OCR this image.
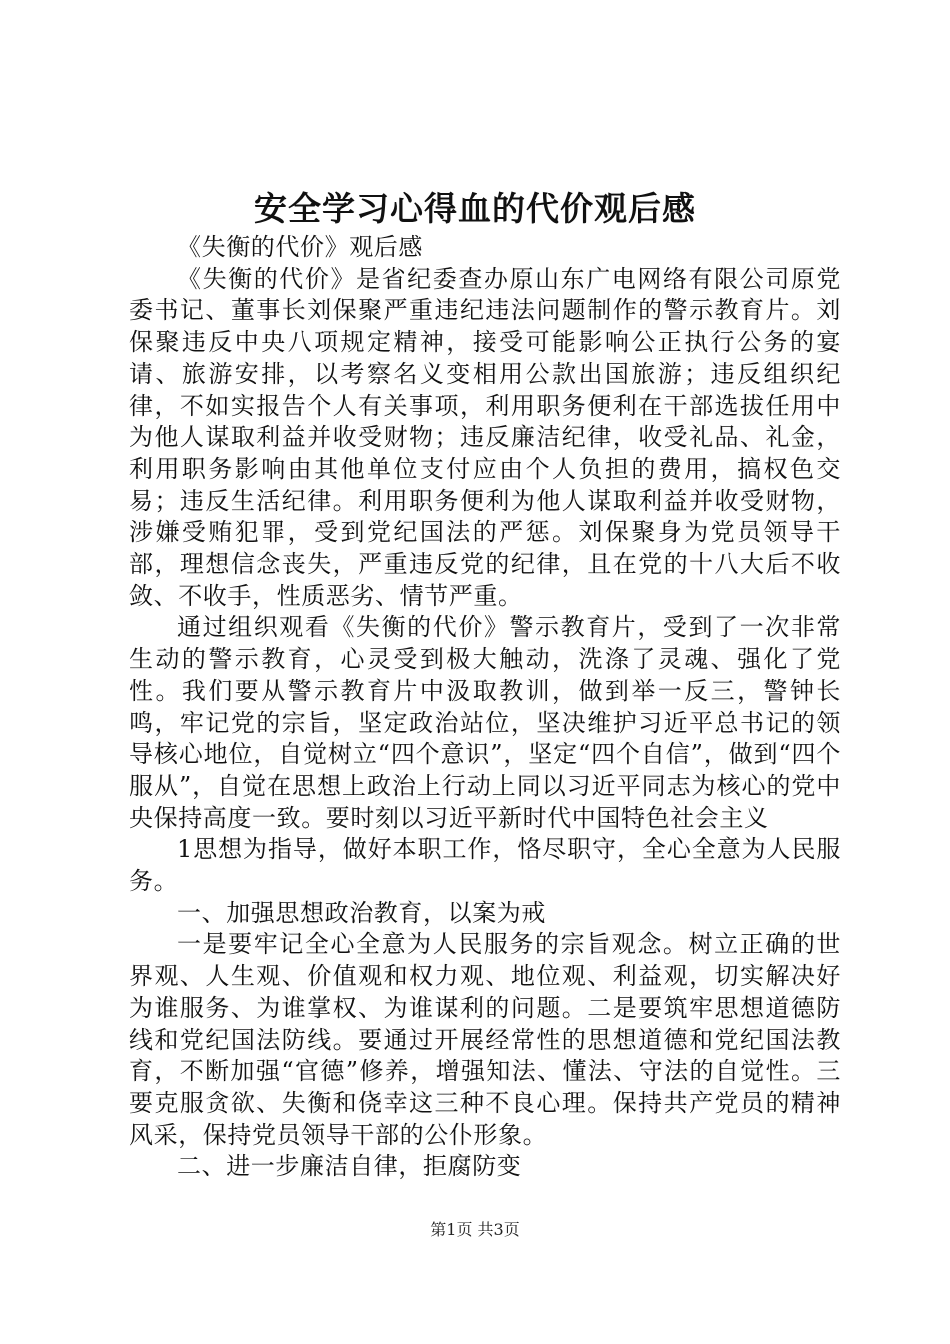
安全学习心得血的代价观后感

《失衡的代价》观后感

《失衡的代价》是省纪委查办原山东广电网络有限公司原党委书记、董事长刘保聚严重违纪违法问题制作的警示教育片。刘保聚违反中央八项规定精神，接受可能影响公正执行公务的宴请、旅游安排，以考察名义变相用公款出国旅游；违反组织纪律，不如实报告个人有关事项，利用职务便利在干部选拔任用中为他人谋取利益并收受财物；违反廉洁纪律，收受礼品、礼金，利用职务影响由其他单位支付应由个人负担的费用，搞权色交易；违反生活纪律。利用职务便利为他人谋取利益并收受财物，涉嫌受贿犯罪，受到党纪国法的严惩。刘保聚身为党员领导干部，理想信念丧失，严重违反党的纪律，且在党的十八大后不收敛、不收手，性质恶劣、情节严重。

通过组织观看《失衡的代价》警示教育片，受到了一次非常生动的警示教育，心灵受到极大触动，洗涤了灵魂、强化了党性。我们要从警示教育片中汲取教训，做到举一反三，警钟长鸣，牢记党的宗旨，坚定政治站位，坚决维护习近平总书记的领导核心地位，自觉树立“四个意识”，坚定“四个自信”，做到“四个服从”，自觉在思想上政治上行动上同以习近平同志为核心的党中央保持高度一致。要时刻以习近平新时代中国特色社会主义

1思想为指导，做好本职工作，恪尽职守，全心全意为人民服务。

一、加强思想政治教育，以案为戒

一是要牢记全心全意为人民服务的宗旨观念。树立正确的世界观、人生观、价值观和权力观、地位观、利益观，切实解决好为谁服务、为谁掌权、为谁谋利的问题。二是要筑牢思想道德防线和党纪国法防线。要通过开展经常性的思想道德和党纪国法教育，不断加强“官德”修养，增强知法、懂法、守法的自觉性。三要克服贪欲、失衡和侥幸这三种不良心理。保持共产党员的精神风采，保持党员领导干部的公仆形象。

二、进一步廉洁自律，拒腐防变

第1页 共3页
